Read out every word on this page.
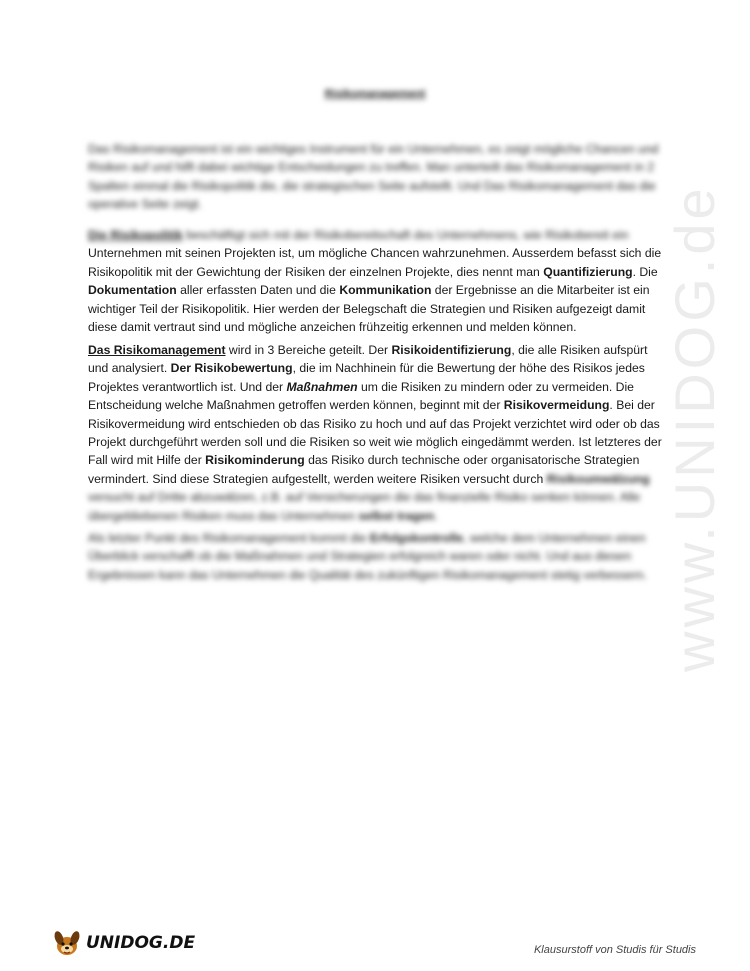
www.UNIDOG.de
Risikomanagement

Das Risikomanagement ist ein wichtiges Instrument für ein Unternehmen, es zeigt mögliche Chancen und Risiken auf und hilft dabei wichtige Entscheidungen zu treffen. Man unterteilt das Risikomanagement in 2 Spalten einmal die Risikopolitik die, die strategischen Seite aufstellt. Und Das Risikomanagement das die operative Seite zeigt.

Die Risikopolitik beschäftigt sich mit der Risikobereitschaft des Unternehmens, wie Risikobereit ein Unternehmen mit seinen Projekten ist, um mögliche Chancen wahrzunehmen. Ausserdem befasst sich die Risikopolitik mit der Gewichtung der Risiken der einzelnen Projekte, dies nennt man Quantifizierung. Die Dokumentation aller erfassten Daten und die Kommunikation der Ergebnisse an die Mitarbeiter ist ein wichtiger Teil der Risikopolitik. Hier werden der Belegschaft die Strategien und Risiken aufgezeigt damit diese damit vertraut sind und mögliche anzeichen frühzeitig erkennen und melden können.

Das Risikomanagement wird in 3 Bereiche geteilt. Der Risikoidentifizierung, die alle Risiken aufspürt und analysiert. Der Risikobewertung, die im Nachhinein für die Bewertung der höhe des Risikos jedes Projektes verantwortlich ist. Und der Maßnahmen um die Risiken zu mindern oder zu vermeiden. Die Entscheidung welche Maßnahmen getroffen werden können, beginnt mit der Risikovermeidung. Bei der Risikovermeidung wird entschieden ob das Risiko zu hoch und auf das Projekt verzichtet wird oder ob das Projekt durchgeführt werden soll und die Risiken so weit wie möglich eingedämmt werden. Ist letzteres der Fall wird mit Hilfe der Risikominderung das Risiko durch technische oder organisatorische Strategien vermindert. Sind diese Strategien aufgestellt, werden weitere Risiken versucht durch Risikoumwälzung versucht auf Dritte abzuwälzen, z.B. auf Versicherungen die das finanzielle Risiko senken können. Alle übergebliebenen Risiken muss das Unternehmen selbst tragen.

Als letzter Punkt des Risikomanagement kommt die Erfolgskontrolle, welche dem Unternehmen einen Überblick verschafft ob die Maßnahmen und Strategien erfolgreich waren oder nicht. Und aus diesen Ergebnissen kann das Unternehmen die Qualität des zukünftigen Risikomanagement stetig verbessern.

UNIDOG.DE	Klausurstoff von Studis für Studis
